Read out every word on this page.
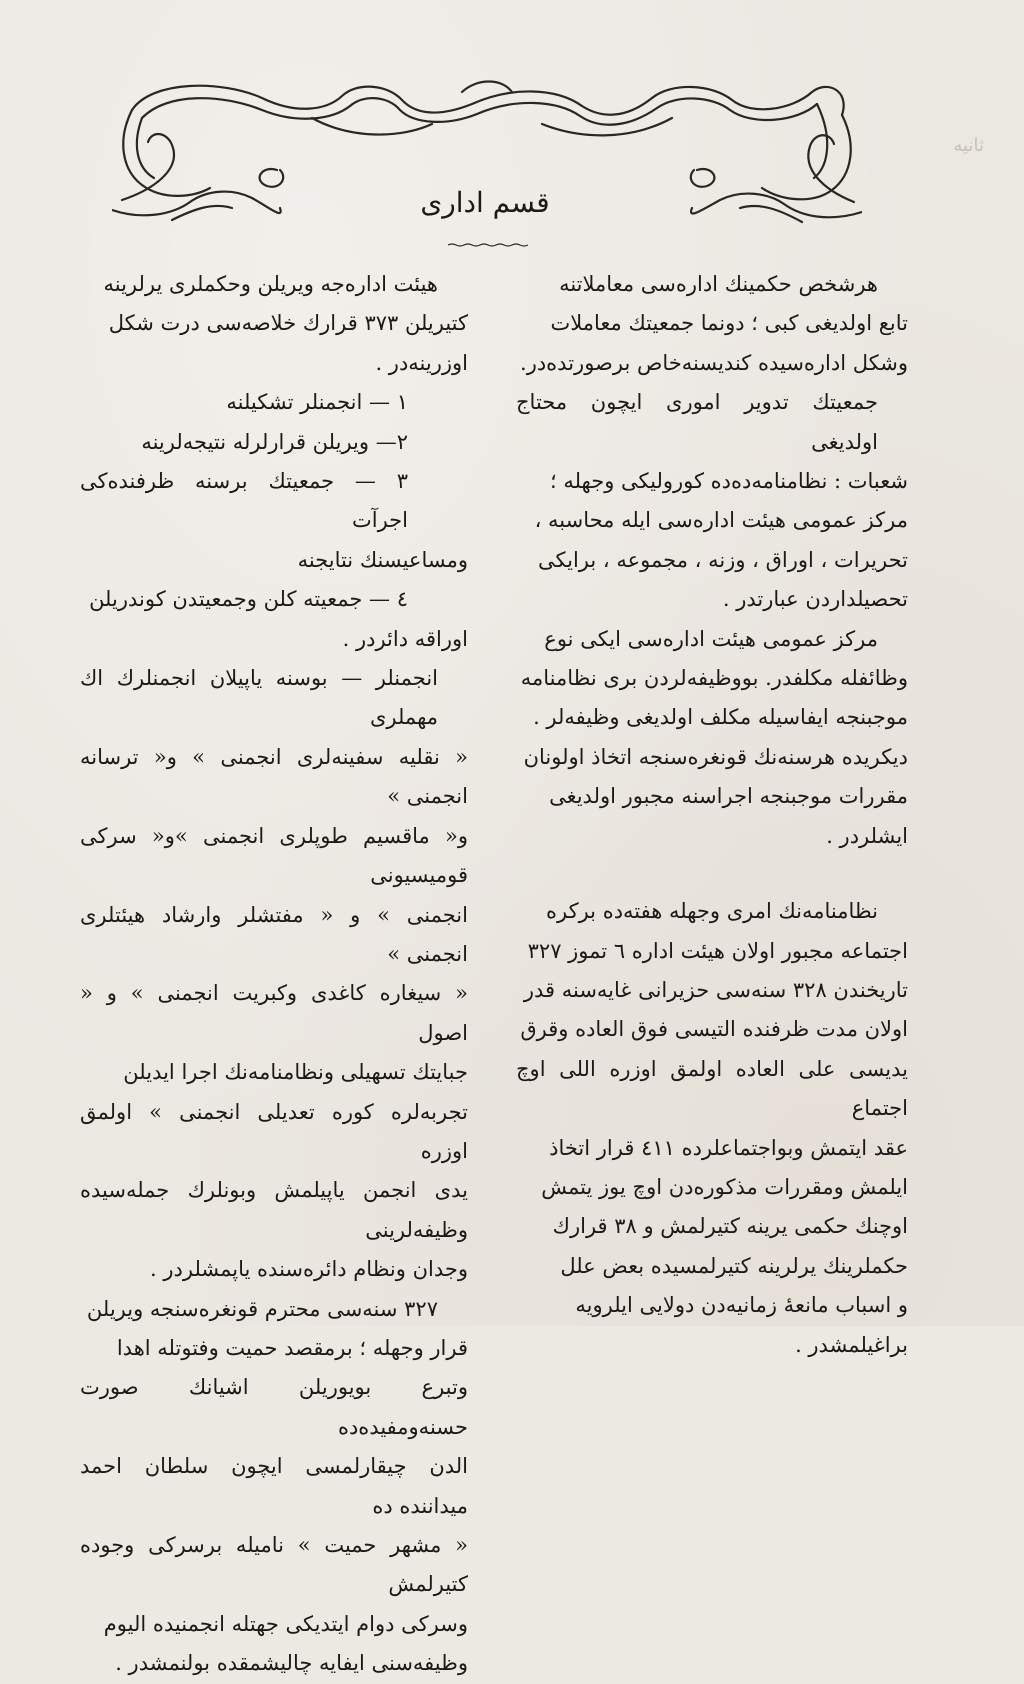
قسم اداری
ثانیه

هرشخص حكمينك ادارەسی معاملاتنه

تابع اولديغی كبی ؛ دونما جمعيتك معاملات

وشكل ادارەسيده كنديسنەخاص برصورتدەدر.

جمعيتك تدوير اموری ايچون محتاج اولديغی

شعبات : نظامنامەدەده كوروليكی وجهله ؛

مركز عمومی هيئت ادارەسی ايله محاسبه ،

تحريرات ، اوراق ، وزنه ، مجموعه ، برايكی

تحصيلداردن عبارتدر .

مركز عمومی هيئت ادارەسی ايكی نوع

وظائفله مكلفدر. بووظيفەلردن بری نظامنامه

موجبنجه ايفاسيله مكلف اولديغی وظيفەلر .

ديكريده هرسنەنك قونغرەسنجه اتخاذ اولونان

مقررات موجبنجه اجراسنه مجبور اولديغی

ايشلردر .

نظامنامەنك امری وجهله هفتەده بركره

اجتماعه مجبور اولان هيئت اداره ٦ تموز ٣٢٧

تاريخندن ٣٢٨ سنەسی حزيرانی غايەسنه قدر

اولان مدت ظرفنده التيسی فوق العاده وقرق

يديسی علی العاده اولمق اوزره اللی اوچ اجتماع

عقد ايتمش وبواجتماعلرده ٤١١ قرار اتخاذ

ايلمش ومقررات مذكورەدن اوچ يوز يتمش

اوچنك حكمی يرينه كتيرلمش و ٣٨ قرارك

حكملرينك يرلرينه كتيرلمسیده بعض علل

و اسباب مانعهٔ زمانيەدن دولايی ايلرويه

براغيلمشدر .

هيئت ادارەجه ويريلن وحكملری يرلرينه

كتيريلن ٣٧٣ قرارك خلاصەسی درت شكل

اوزرينەدر .

١ — انجمنلر تشكيلنه

٢— ويريلن قرارلرله نتيجەلرينه

٣ — جمعيتك برسنه ظرفندەكی اجرآت

ومساعيسنك نتايجنه

٤ — جمعيته كلن وجمعيتدن كوندريلن

اوراقه دائردر .

انجمنلر — بوسنه ياپيلان انجمنلرك اك مهملری

« نقليه سفينەلری انجمنی » و« ترسانه انجمنی »

و« ماقسيم طوپلری انجمنی »و« سركی قوميسيونی

انجمنی » و « مفتشلر وارشاد هيئتلری انجمنی »

« سيغاره كاغدی وكبريت انجمنی » و « اصول

جبايتك تسهيلی ونظامنامەنك اجرا ايديلن

تجربەلره كوره تعديلی انجمنی » اولمق اوزره

يدی انجمن ياپيلمش وبونلرك جملەسيده وظيفەلرينی

وجدان ونظام دائرەسنده ياپمشلردر .

٣٢٧ سنەسی محترم قونغرەسنجه ويريلن

قرار وجهله ؛ برمقصد حميت وفتوتله اهدا

وتبرع بويوريلن اشيانك صورت حسنەومفيدەده

الدن چيقارلمسی ايچون سلطان احمد ميداننده ده

« مشهر حميت » ناميله برسركی وجوده كتيرلمش

وسركی دوام ايتديكی جهتله انجمنیده اليوم

وظيفەسنی ايفايه چاليشمقده بولنمشدر .
